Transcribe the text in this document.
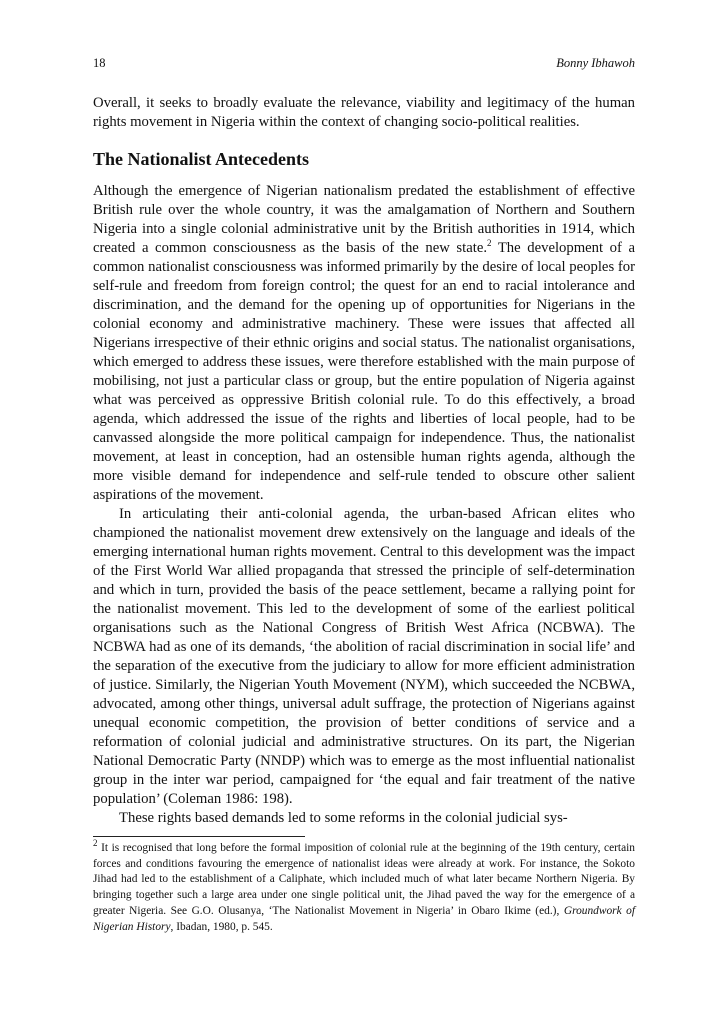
18	Bonny Ibhawoh

Overall, it seeks to broadly evaluate the relevance, viability and legitimacy of the human rights movement in Nigeria within the context of changing socio-political realities.

The Nationalist Antecedents

Although the emergence of Nigerian nationalism predated the establishment of effective British rule over the whole country, it was the amalgamation of Northern and Southern Nigeria into a single colonial administrative unit by the British authorities in 1914, which created a common consciousness as the basis of the new state.$^2$ The development of a common nationalist consciousness was informed primarily by the desire of local peoples for self-rule and freedom from foreign control; the quest for an end to racial intolerance and discrimination, and the demand for the opening up of opportunities for Nigerians in the colonial economy and administrative machinery. These were issues that affected all Nigerians irrespective of their ethnic origins and social status. The nationalist organisations, which emerged to address these issues, were therefore established with the main purpose of mobilising, not just a particular class or group, but the entire population of Nigeria against what was perceived as oppressive British colonial rule. To do this effectively, a broad agenda, which addressed the issue of the rights and liberties of local people, had to be canvassed alongside the more political campaign for independence. Thus, the nationalist movement, at least in conception, had an ostensible human rights agenda, although the more visible demand for independence and self-rule tended to obscure other salient aspirations of the movement.

In articulating their anti-colonial agenda, the urban-based African elites who championed the nationalist movement drew extensively on the language and ideals of the emerging international human rights movement. Central to this development was the impact of the First World War allied propaganda that stressed the principle of self-determination and which in turn, provided the basis of the peace settlement, became a rallying point for the nationalist movement. This led to the development of some of the earliest political organisations such as the National Congress of British West Africa (NCBWA). The NCBWA had as one of its demands, ‘the abolition of racial discrimination in social life’ and the separation of the executive from the judiciary to allow for more efficient administration of justice. Similarly, the Nigerian Youth Movement (NYM), which succeeded the NCBWA, advocated, among other things, universal adult suffrage, the protection of Nigerians against unequal economic competition, the provision of better conditions of service and a reformation of colonial judicial and administrative structures. On its part, the Nigerian National Democratic Party (NNDP) which was to emerge as the most influential nationalist group in the inter war period, campaigned for ‘the equal and fair treatment of the native population’ (Coleman 1986: 198).

These rights based demands led to some reforms in the colonial judicial sys-

$^2$ It is recognised that long before the formal imposition of colonial rule at the beginning of the 19th century, certain forces and conditions favouring the emergence of nationalist ideas were already at work. For instance, the Sokoto Jihad had led to the establishment of a Caliphate, which included much of what later became Northern Nigeria. By bringing together such a large area under one single political unit, the Jihad paved the way for the emergence of a greater Nigeria. See G.O. Olusanya, ‘The Nationalist Movement in Nigeria’ in Obaro Ikime (ed.), Groundwork of Nigerian History, Ibadan, 1980, p. 545.
